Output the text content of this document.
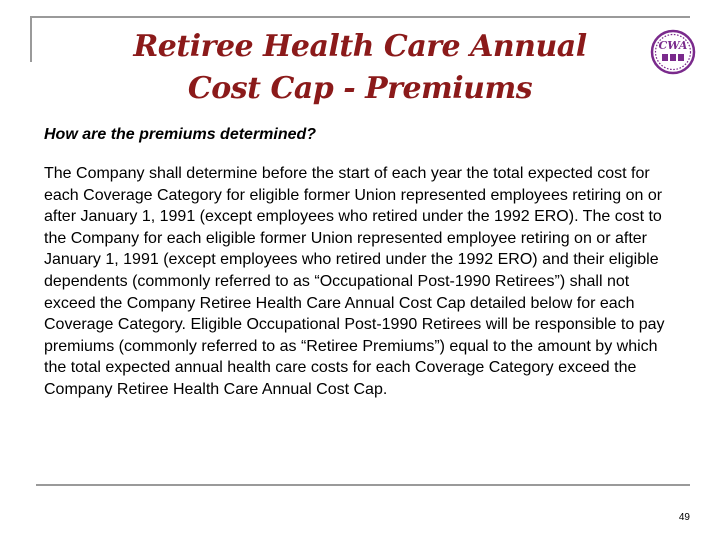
Retiree Health Care Annual
Cost Cap - Premiums
CWA
How are the premiums determined?

The Company shall determine before the start of each year the total expected cost for each Coverage Category for eligible former Union represented employees retiring on or after January 1, 1991 (except employees who retired under the 1992 ERO). The cost to the Company for each eligible former Union represented employee retiring on or after January 1, 1991 (except employees who retired under the 1992 ERO) and their eligible dependents (commonly referred to as “Occupational Post-1990 Retirees”) shall not exceed the Company Retiree Health Care Annual Cost Cap detailed below for each Coverage Category. Eligible Occupational Post-1990 Retirees will be responsible to pay premiums (commonly referred to as “Retiree Premiums”) equal to the amount by which the total expected annual health care costs for each Coverage Category exceed the Company Retiree Health Care Annual Cost Cap.

49
